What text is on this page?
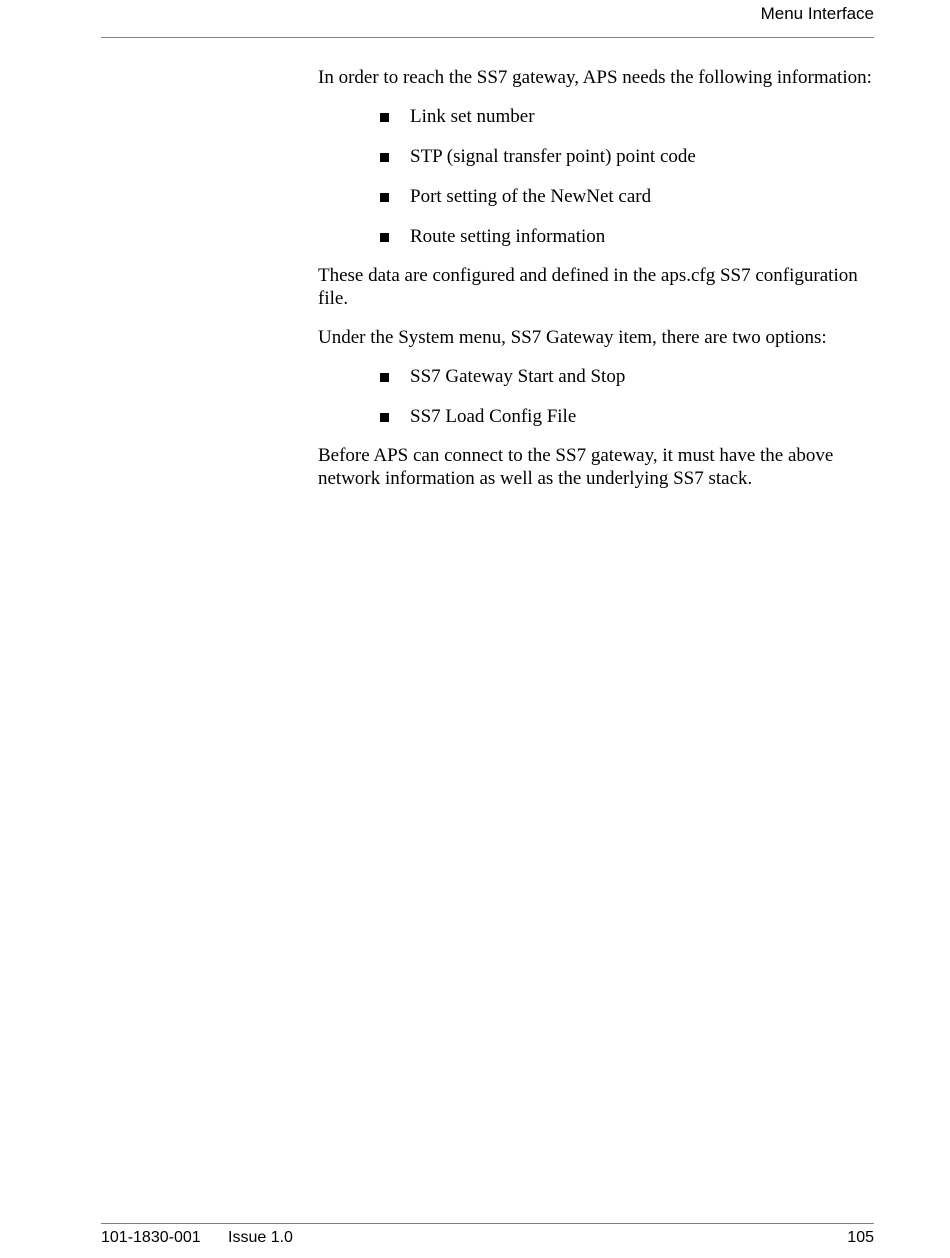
Menu Interface

In order to reach the SS7 gateway, APS needs the following information:

Link set number
STP (signal transfer point) point code
Port setting of the NewNet card
Route setting information

These data are configured and defined in the aps.cfg SS7 configuration file.

Under the System menu, SS7 Gateway item, there are two options:

SS7 Gateway Start and Stop
SS7 Load Config File

Before APS can connect to the SS7 gateway, it must have the above network information as well as the underlying SS7 stack.

101-1830-001 Issue 1.0	105
